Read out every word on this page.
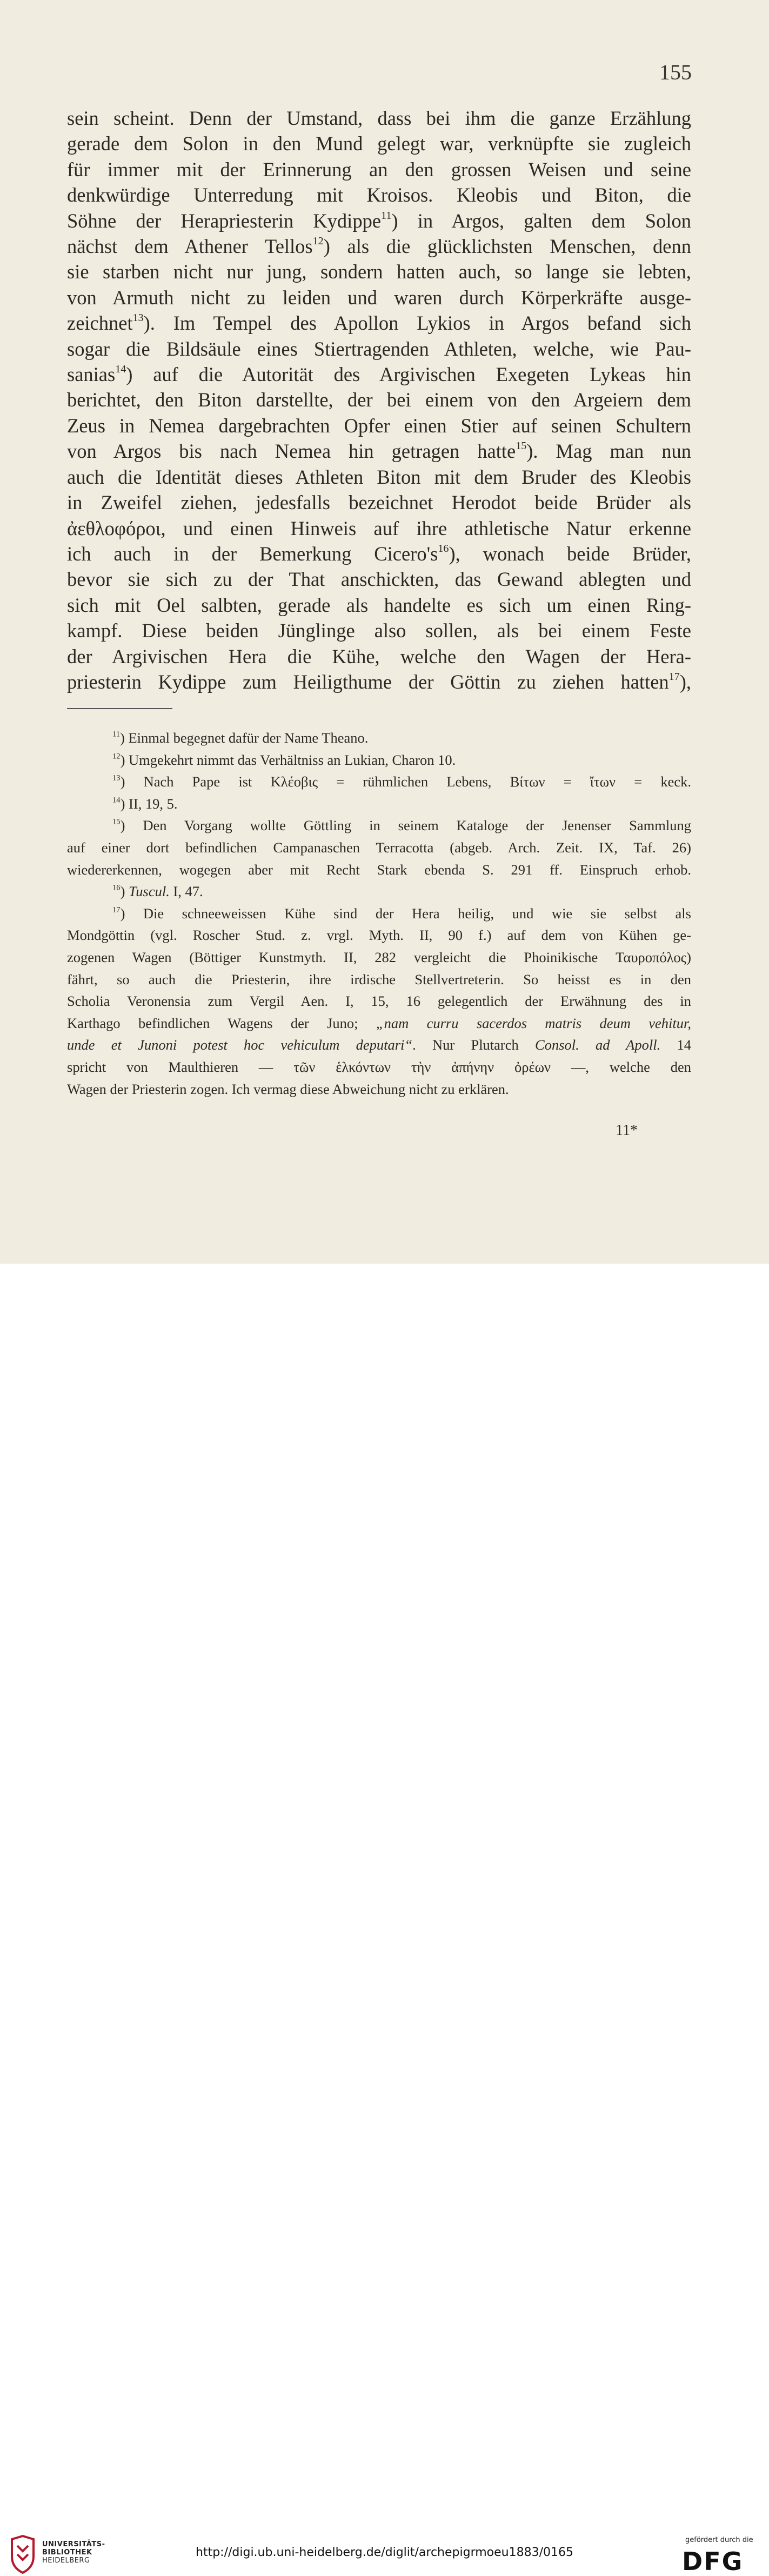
155
sein scheint. Denn der Umstand, dass bei ihm die ganze Erzählung
gerade dem Solon in den Mund gelegt war, verknüpfte sie zugleich
für immer mit der Erinnerung an den grossen Weisen und seine
denkwürdige Unterredung mit Kroisos. Kleobis und Biton, die
Söhne der Herapriesterin Kydippe$^{11}$) in Argos, galten dem Solon
nächst dem Athener Tellos$^{12}$) als die glücklichsten Menschen, denn
sie starben nicht nur jung, sondern hatten auch, so lange sie lebten,
von Armuth nicht zu leiden und waren durch Körperkräfte ausge-
zeichnet$^{13}$). Im Tempel des Apollon Lykios in Argos befand sich
sogar die Bildsäule eines Stiertragenden Athleten, welche, wie Pau-
sanias$^{14}$) auf die Autorität des Argivischen Exegeten Lykeas hin
berichtet, den Biton darstellte, der bei einem von den Argeiern dem
Zeus in Nemea dargebrachten Opfer einen Stier auf seinen Schultern
von Argos bis nach Nemea hin getragen hatte$^{15}$). Mag man nun
auch die Identität dieses Athleten Biton mit dem Bruder des Kleobis
in Zweifel ziehen, jedesfalls bezeichnet Herodot beide Brüder als
ἀεθλοφόροι, und einen Hinweis auf ihre athletische Natur erkenne
ich auch in der Bemerkung $Cicero's^{16}$), wonach beide Brüder,
bevor sie sich zu der That anschickten, das Gewand ablegten und
sich mit Oel salbten, gerade als handelte es sich um einen Ring-
kampf. Diese beiden Jünglinge also sollen, als bei einem Feste
der Argivischen Hera die Kühe, welche den Wagen der Hera-
priesterin Kydippe zum Heiligthume der Göttin zu ziehen hatten$^{17}$),
$^{11}$) Einmal begegnet dafür der Name Theano.
$^{12}$) Umgekehrt nimmt das Verhältniss an Lukian, Charon 10.
$^{13}$) Nach Pape ist Κλέοβις = rühmlichen Lebens, Βίτων = ἴτων = keck.
$^{14}$) II, 19, 5.
$^{15}$) Den Vorgang wollte Göttling in seinem Kataloge der Jenenser Sammlung
auf einer dort befindlichen Campanaschen Terracotta (abgeb. Arch. Zeit. IX, Taf. 26)
wiedererkennen, wogegen aber mit Recht Stark ebenda S. 291 ff. Einspruch erhob.
$^{16}$) Tuscul. I, 47.
$^{17}$) Die schneeweissen Kühe sind der Hera heilig, und wie sie selbst als
Mondgöttin (vgl. Roscher Stud. z. vrgl. Myth. II, 90 f.) auf dem von Kühen ge-
zogenen Wagen (Böttiger Kunstmyth. II, 282 vergleicht die Phoinikische Ταυροπόλος)
fährt, so auch die Priesterin, ihre irdische Stellvertreterin. So heisst es in den
Scholia Veronensia zum Vergil Aen. I, 15, 16 gelegentlich der Erwähnung des in
Karthago befindlichen Wagens der Juno; „nam curru sacerdos matris deum vehitur,
unde et Junoni potest hoc vehiculum deputari“. Nur Plutarch Consol. ad Apoll. 14
spricht von Maulthieren — τῶν ἑλκόντων τὴν ἀπήνην ὀρέων —, welche den
Wagen der Priesterin zogen. Ich vermag diese Abweichung nicht zu erklären.
11*
UNIVERSITÄTS-
BIBLIOTHEK
HEIDELBERG
http://digi.ub.uni-heidelberg.de/diglit/archepigrmoeu1883/0165
gefördert durch die
DFG
